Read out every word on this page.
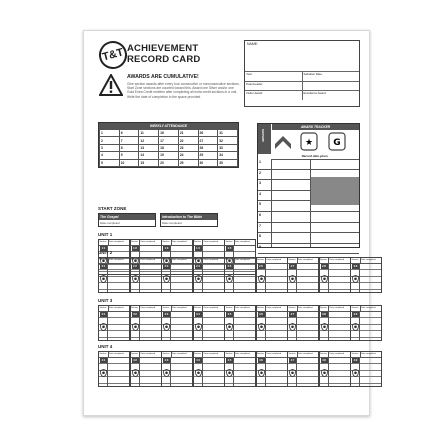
T&T ACHIEVEMENT
RECORD CARD
NAME:
Year:	Salvation Date:
Team/Leader:
Visitor Award:	Excellence Award:
AWARDS ARE CUMULATIVE!
Give section awards after every four consecutive or nonconsecutive sections. Start Zone sections are counted toward this. Award one Silver and/or one Gold Extra Credit emblem after completing all extra credit sections in a unit. Write the date of completion in the space provided.
WEEKLY ATTENDANCE
1	6	11	16	21	26	31
2	7	12	17	22	27	32
3	8	13	18	23	28	33
4	9	14	19	24	29	34
5	10	15	20	25	30	35
AWARDS
AWARD TRACKER
★ G
Record date given.
1
2
3
4
5
6
7
8
9
START ZONE
The Gospel
Date completed
Introduction to The Bible
Date completed
UNIT 1
Section	Date completed
1:1
Section	Date completed
1:2
Section	Date completed
1:3
Section	Date completed
1:4
Section	Date completed
1:5
UNIT 2
Section	Date completed
2:1
Section	Date completed
2:2
Section	Date completed
2:3
Section	Date completed
2:4
Section	Date completed
2:5
Section	Date completed
2:6
Section	Date completed
2:7
Section	Date completed
2:8
Section	Date completed
2:9
UNIT 3
Section	Date completed
3:1
Section	Date completed
3:2
Section	Date completed
3:3
Section	Date completed
3:4
Section	Date completed
3:5
Section	Date completed
3:6
Section	Date completed
3:7
Section	Date completed
3:8
Section	Date completed
3:9
UNIT 4
Section	Date completed
4:1
Section	Date completed
4:2
Section	Date completed
4:3
Section	Date completed
4:4
Section	Date completed
4:5
Section	Date completed
4:6
Section	Date completed
4:7
Section	Date completed
4:8
Section	Date completed
4:9
